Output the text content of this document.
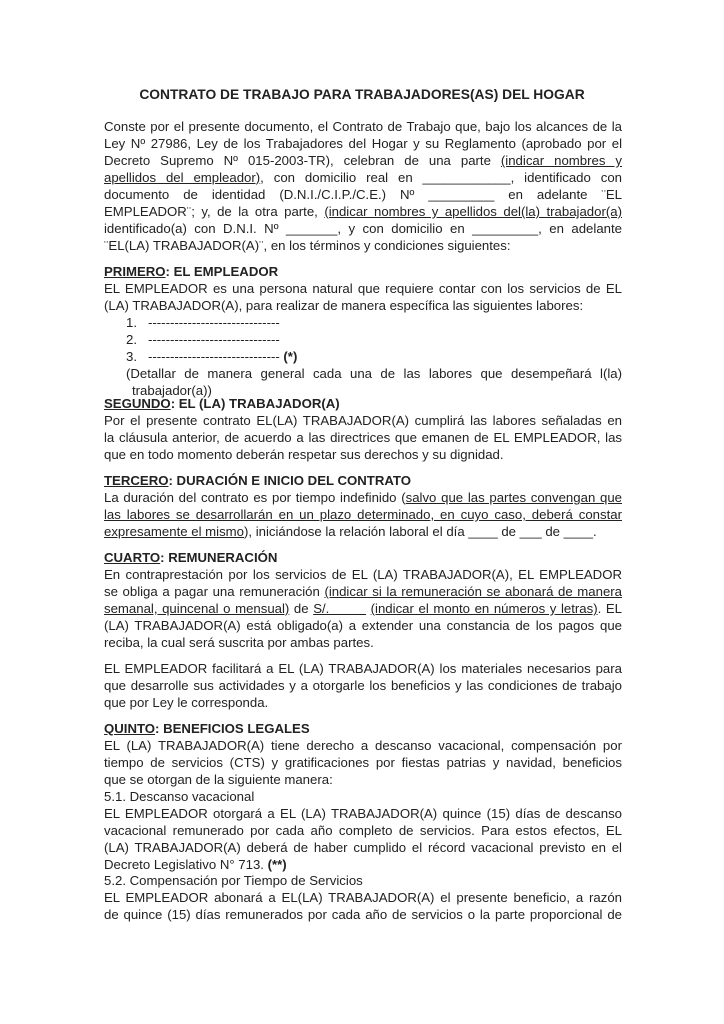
CONTRATO DE TRABAJO PARA TRABAJADORES(AS) DEL HOGAR
Conste por el presente documento, el Contrato de Trabajo que, bajo los alcances de la
Ley Nº 27986, Ley de los Trabajadores del Hogar y su Reglamento (aprobado por el
Decreto Supremo Nº 015-2003-TR), celebran de una parte (indicar nombres y
apellidos del empleador), con domicilio real en ____________, identificado con
documento de identidad (D.N.I./C.I.P./C.E.) Nº _________ en adelante ¨EL
EMPLEADOR¨; y, de la otra parte, (indicar nombres y apellidos del(la) trabajador(a)
identificado(a) con D.N.I. Nº _______, y con domicilio en _________, en adelante
¨EL(LA) TRABAJADOR(A)¨, en los términos y condiciones siguientes:
PRIMERO: EL EMPLEADOR
EL EMPLEADOR es una persona natural que requiere contar con los servicios de EL
(LA) TRABAJADOR(A), para realizar de manera específica las siguientes labores:
1. ------------------------------
2. ------------------------------
3. ------------------------------ (*)
(Detallar de manera general cada una de las labores que desempeñará l(la)
trabajador(a))
SEGUNDO: EL (LA) TRABAJADOR(A)
Por el presente contrato EL(LA) TRABAJADOR(A) cumplirá las labores señaladas en
la cláusula anterior, de acuerdo a las directrices que emanen de EL EMPLEADOR, las
que en todo momento deberán respetar sus derechos y su dignidad.
TERCERO: DURACIÓN E INICIO DEL CONTRATO
La duración del contrato es por tiempo indefinido (salvo que las partes convengan que
las labores se desarrollarán en un plazo determinado, en cuyo caso, deberá constar
expresamente el mismo), iniciándose la relación laboral el día ____ de ___ de ____.
CUARTO: REMUNERACIÓN
En contraprestación por los servicios de EL (LA) TRABAJADOR(A), EL EMPLEADOR
se obliga a pagar una remuneración (indicar si la remuneración se abonará de manera
semanal, quincenal o mensual) de S/.         (indicar el monto en números y letras). EL
(LA) TRABAJADOR(A) está obligado(a) a extender una constancia de los pagos que
reciba, la cual será suscrita por ambas partes.
EL EMPLEADOR facilitará a EL (LA) TRABAJADOR(A) los materiales necesarios para
que desarrolle sus actividades y a otorgarle los beneficios y las condiciones de trabajo
que por Ley le corresponda.
QUINTO: BENEFICIOS LEGALES
EL (LA) TRABAJADOR(A) tiene derecho a descanso vacacional, compensación por
tiempo de servicios (CTS) y gratificaciones por fiestas patrias y navidad, beneficios
que se otorgan de la siguiente manera:
5.1. Descanso vacacional
EL EMPLEADOR otorgará a EL (LA) TRABAJADOR(A) quince (15) días de descanso
vacacional remunerado por cada año completo de servicios. Para estos efectos, EL
(LA) TRABAJADOR(A) deberá de haber cumplido el récord vacacional previsto en el
Decreto Legislativo N° 713. (**)
5.2. Compensación por Tiempo de Servicios
EL EMPLEADOR abonará a EL(LA) TRABAJADOR(A) el presente beneficio, a razón
de quince (15) días remunerados por cada año de servicios o la parte proporcional de
